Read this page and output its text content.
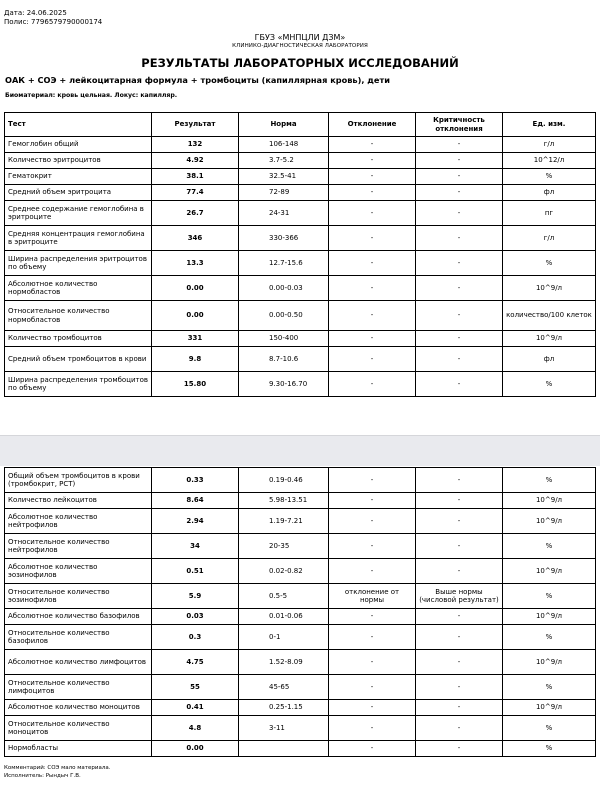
Дата: 24.06.2025
Полис: 7796579790000174
ГБУЗ «МНПЦЛИ ДЗМ»
КЛИНИКО-ДИАГНОСТИЧЕСКАЯ ЛАБОРАТОРИЯ
РЕЗУЛЬТАТЫ ЛАБОРАТОРНЫХ ИССЛЕДОВАНИЙ
ОАК + СОЭ + лейкоцитарная формула + тромбоциты (капиллярная кровь), дети
Биоматериал: кровь цельная. Локус: капилляр.
Тест	Результат	Норма	Отклонение	Критичность отклонения	Ед. изм.
Гемоглобин общий	132	106-148	-	-	г/л
Количество эритроцитов	4.92	3.7-5.2	-	-	10^12/л
Гематокрит	38.1	32.5-41	-	-	%
Средний объем эритроцита	77.4	72-89	-	-	фл
Среднее содержание гемоглобина в эритроците	26.7	24-31	-	-	пг
Средняя концентрация гемоглобина в эритроците	346	330-366	-	-	г/л
Ширина распределения эритроцитов по объему	13.3	12.7-15.6	-	-	%
Абсолютное количество нормобластов	0.00	0.00-0.03	-	-	10^9/л
Относительное количество нормобластов	0.00	0.00-0.50	-	-	количество/100 клеток
Количество тромбоцитов	331	150-400	-	-	10^9/л
Средний объем тромбоцитов в крови	9.8	8.7-10.6	-	-	фл
Ширина распределения тромбоцитов по объему	15.80	9.30-16.70	-	-	%
Общий объем тромбоцитов в крови (тромбокрит, PCT)	0.33	0.19-0.46	-	-	%
Количество лейкоцитов	8.64	5.98-13.51	-	-	10^9/л
Абсолютное количество нейтрофилов	2.94	1.19-7.21	-	-	10^9/л
Относительное количество нейтрофилов	34	20-35	-	-	%
Абсолютное количество эозинофилов	0.51	0.02-0.82	-	-	10^9/л
Относительное количество эозинофилов	5.9	0.5-5	отклонение от нормы	Выше нормы (числовой результат)	%
Абсолютное количество базофилов	0.03	0.01-0.06	-	-	10^9/л
Относительное количество базофилов	0.3	0-1	-	-	%
Абсолютное количество лимфоцитов	4.75	1.52-8.09	-	-	10^9/л
Относительное количество лимфоцитов	55	45-65	-	-	%
Абсолютное количество моноцитов	0.41	0.25-1.15	-	-	10^9/л
Относительное количество моноцитов	4.8	3-11	-	-	%
Нормобласты	0.00		-	-	%
Комментарий: СОЭ мало материала.
Исполнитель: Рындыч Г.В.
